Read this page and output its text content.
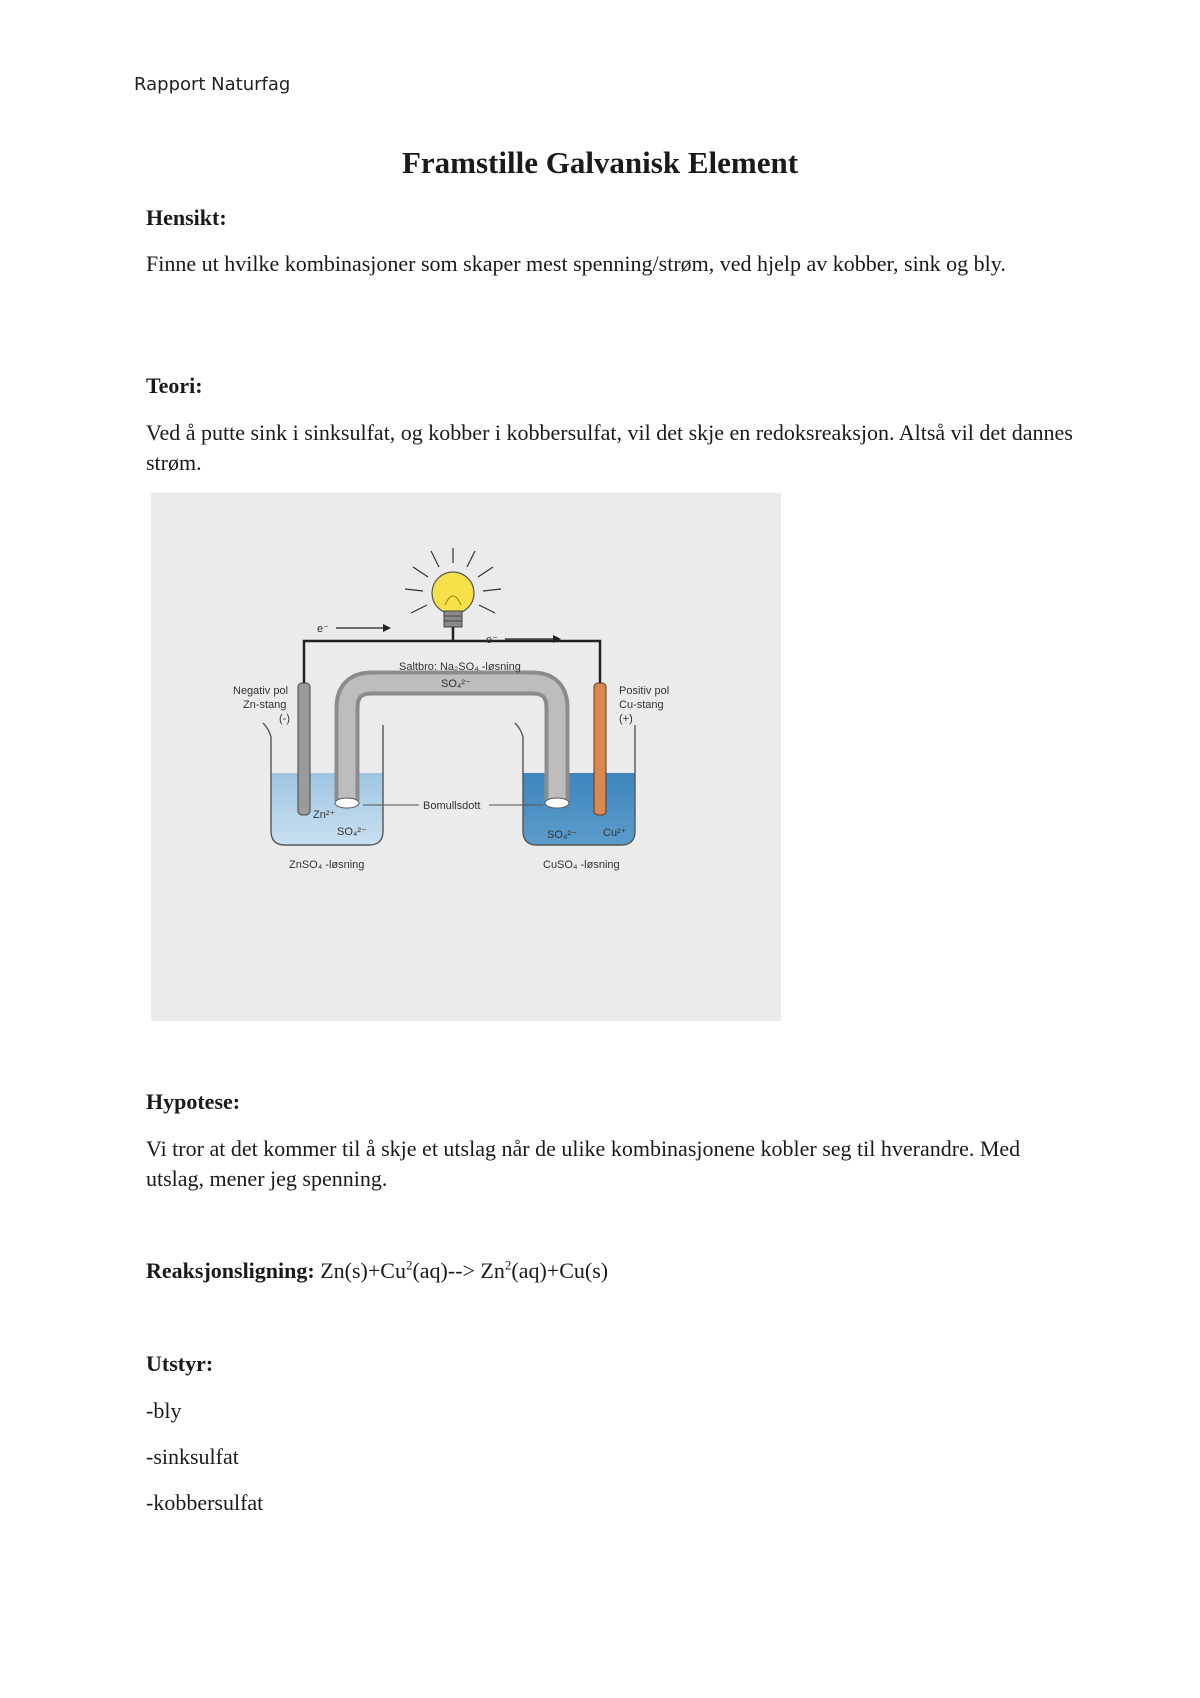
Rapport Naturfag
Framstille Galvanisk Element
Hensikt:
Finne ut hvilke kombinasjoner som skaper mest spenning/strøm, ved hjelp av kobber, sink og bly.
Teori:
Ved å putte sink i sinksulfat, og kobber i kobbersulfat, vil det skje en redoksreaksjon. Altså vil det dannes strøm.
e⁻
e⁻
Saltbro: Na₂SO₄ -løsning
SO₄²⁻
Negativ pol
Zn-stang
(-)
Positiv pol
Cu-stang
(+)
Bomullsdott
Zn²⁺
SO₄²⁻	SO₄²⁻ Cu²⁺
ZnSO₄ -løsning	CuSO₄ -løsning
Hypotese:
Vi tror at det kommer til å skje et utslag når de ulike kombinasjonene kobler seg til hverandre. Med utslag, mener jeg spenning.
Reaksjonsligning: $Zn(s)+Cu^2(aq)--> Zn^2(aq)+Cu(s)$
Utstyr:
-bly
-sinksulfat
-kobbersulfat
